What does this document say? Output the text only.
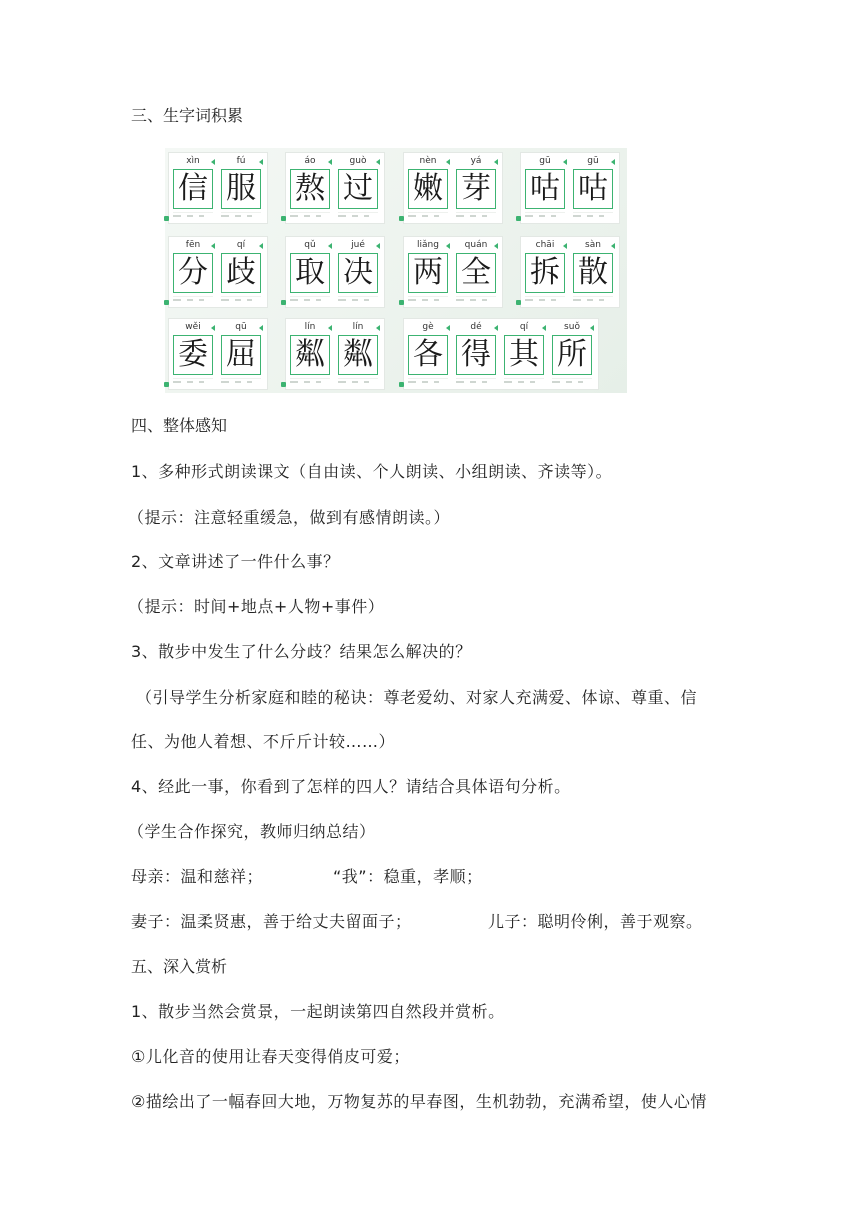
三、生字词积累
xìn
信
fú
服
áo
熬
guò
过
nèn
嫩
yá
芽
gū
咕
gū
咕
fēn
分
qí
歧
qǔ
取
jué
决
liǎng
两
quán
全
chāi
拆
sàn
散
wěi
委
qū
屈
lín
粼
lín
粼
gè
各
dé
得
qí
其
suǒ
所
四、整体感知
1、多种形式朗读课文（自由读、个人朗读、小组朗读、齐读等）。
（提示：注意轻重缓急，做到有感情朗读。）
2、文章讲述了一件什么事？
（提示：时间+地点+人物+事件）
3、散步中发生了什么分歧？结果怎么解决的？
（引导学生分析家庭和睦的秘诀：尊老爱幼、对家人充满爱、体谅、尊重、信
任、为他人着想、不斤斤计较……）
4、经此一事，你看到了怎样的四人？请结合具体语句分析。
（学生合作探究，教师归纳总结）
母亲：温和慈祥；	“我”：稳重，孝顺；
妻子：温柔贤惠，善于给丈夫留面子；	儿子：聪明伶俐，善于观察。
五、深入赏析
1、散步当然会赏景，一起朗读第四自然段并赏析。
①儿化音的使用让春天变得俏皮可爱；
②描绘出了一幅春回大地，万物复苏的早春图，生机勃勃，充满希望，使人心情
